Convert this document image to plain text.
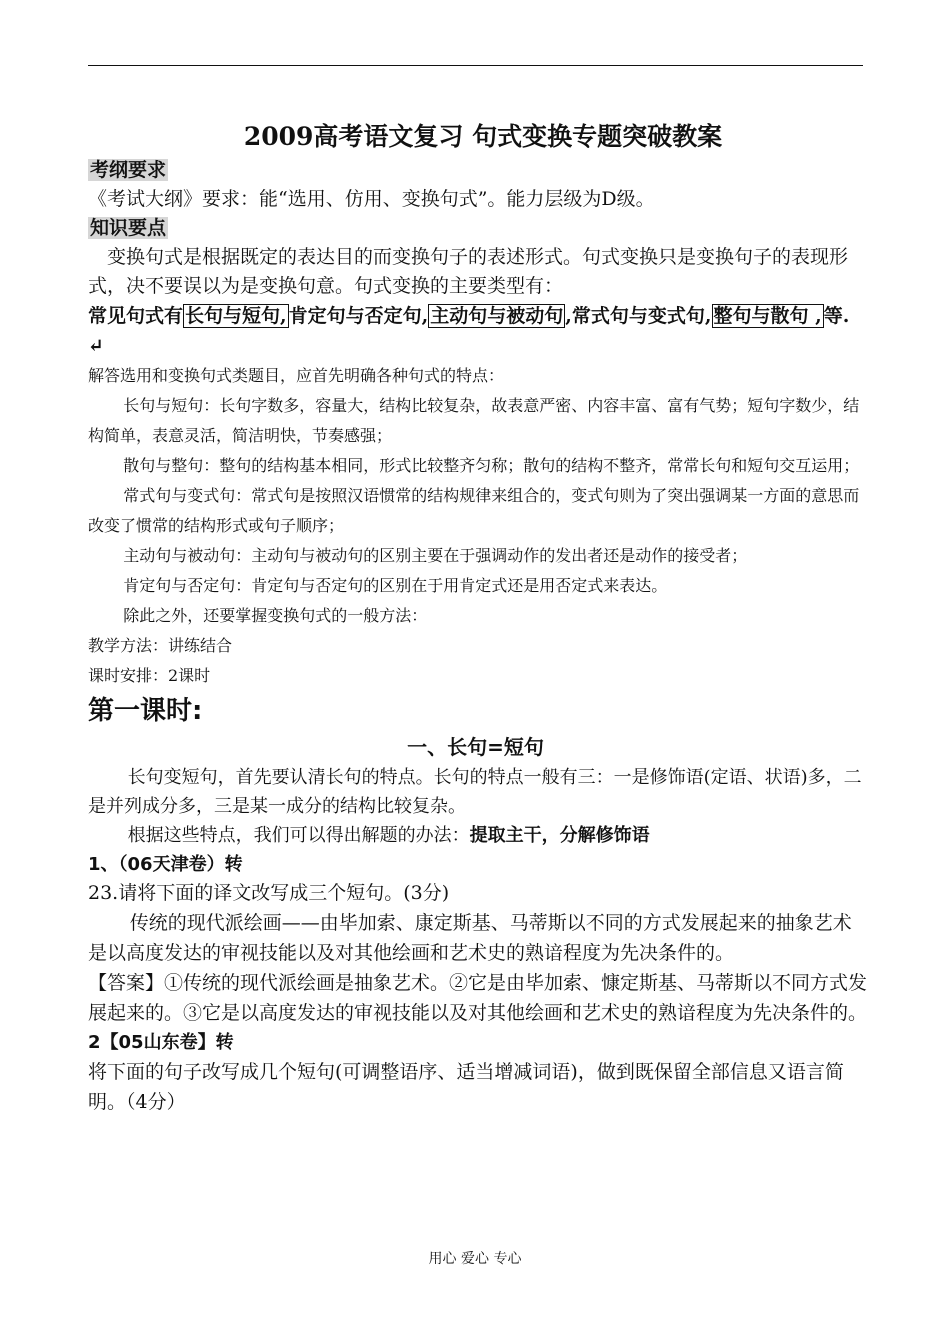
2009高考语文复习 句式变换专题突破教案

考纲要求

《考试大纲》要求：能“选用、仿用、变换句式”。能力层级为D级。

知识要点

变换句式是根据既定的表达目的而变换句子的表述形式。句式变换只是变换句子的表现形式，决不要误以为是变换句意。句式变换的主要类型有：

常见句式有 长句与短句, 肯定句与否定句, 主动句与被动句 ,常式句与变式句, 整句与散句 , 等. ↵

解答选用和变换句式类题目，应首先明确各种句式的特点：

长句与短句：长句字数多，容量大，结构比较复杂，故表意严密、内容丰富、富有气势；短句字数少，结构简单，表意灵活，简洁明快，节奏感强；

散句与整句：整句的结构基本相同，形式比较整齐匀称；散句的结构不整齐，常常长句和短句交互运用；

常式句与变式句：常式句是按照汉语惯常的结构规律来组合的，变式句则为了突出强调某一方面的意思而改变了惯常的结构形式或句子顺序；

主动句与被动句：主动句与被动句的区别主要在于强调动作的发出者还是动作的接受者；

肯定句与否定句：肯定句与否定句的区别在于用肯定式还是用否定式来表达。

除此之外，还要掌握变换句式的一般方法：

教学方法：讲练结合

课时安排：2课时

第一课时:

一、长句=短句

长句变短句，首先要认清长句的特点。长句的特点一般有三：一是修饰语(定语、状语)多，二是并列成分多，三是某一成分的结构比较复杂。

根据这些特点，我们可以得出解题的办法：提取主干，分解修饰语

1、（06天津卷）转

23.请将下面的译文改写成三个短句。(3分)

传统的现代派绘画——由毕加索、康定斯基、马蒂斯以不同的方式发展起来的抽象艺术是以高度发达的审视技能以及对其他绘画和艺术史的熟谙程度为先决条件的。

【答案】①传统的现代派绘画是抽象艺术。②它是由毕加索、慷定斯基、马蒂斯以不同方式发展起来的。③它是以高度发达的审视技能以及对其他绘画和艺术史的熟谙程度为先决条件的。

2【05山东卷】转

将下面的句子改写成几个短句(可调整语序、适当增减词语)，做到既保留全部信息又语言简明。（4分）

用心 爱心 专心
